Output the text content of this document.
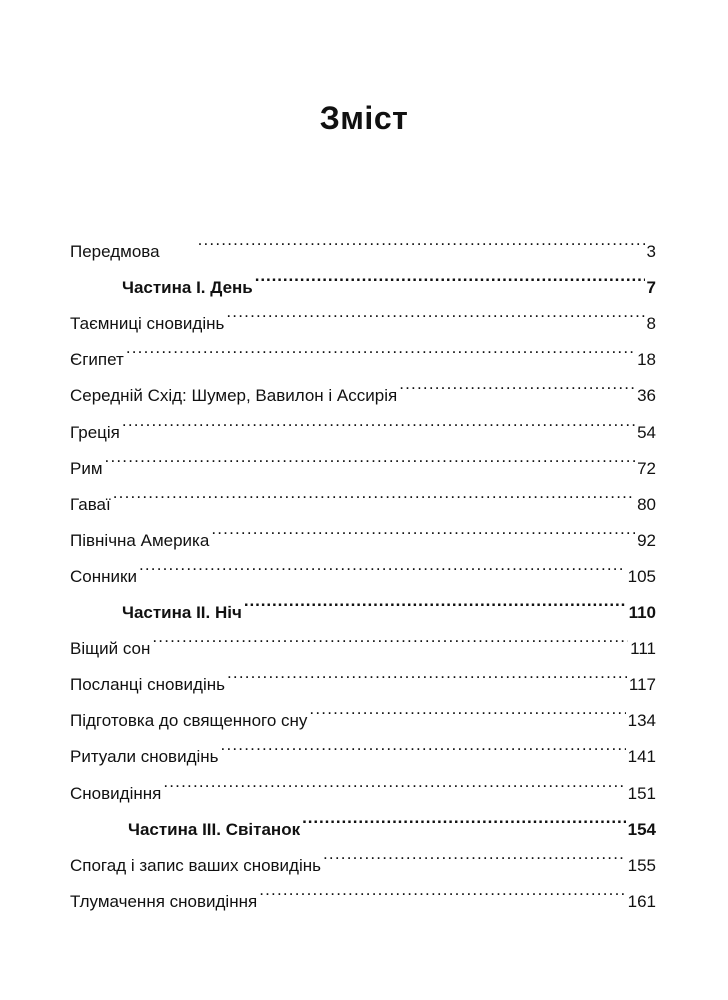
Зміст
Передмова .....	3
Частина I. День .....	7
Таємниці сновидінь .....	8
Єгипет .....	18
Середній Схід: Шумер, Вавилон і Ассирія .....	36
Греція .....	54
Рим .....	72
Гаваї .....	80
Північна Америка .....	92
Сонники .....	105
Частина II. Ніч .....	110
Віщий сон .....	111
Посланці сновидінь .....	117
Підготовка до священного сну .....	134
Ритуали сновидінь .....	141
Сновидіння .....	151
Частина III. Світанок .....	154
Спогад і запис ваших сновидінь .....	155
Тлумачення сновидіння .....	161
